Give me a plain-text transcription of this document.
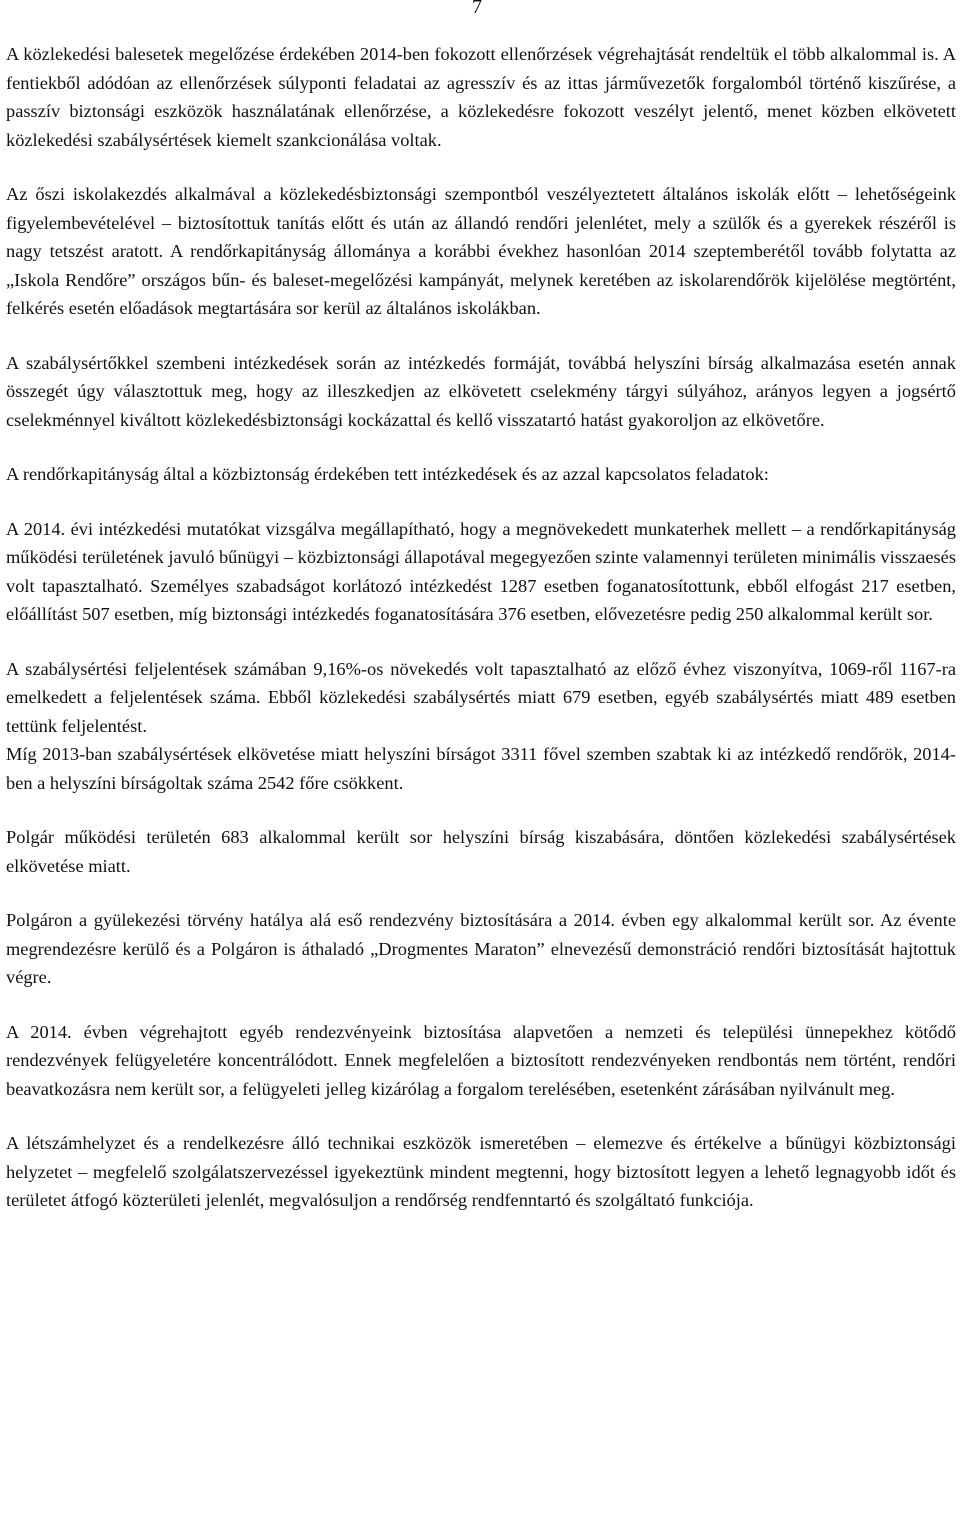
7

A közlekedési balesetek megelőzése érdekében 2014-ben fokozott ellenőrzések végrehajtását rendeltük el több alkalommal is. A fentiekből adódóan az ellenőrzések súlyponti feladatai az agresszív és az ittas járművezetők forgalomból történő kiszűrése, a passzív biztonsági eszközök használatának ellenőrzése, a közlekedésre fokozott veszélyt jelentő, menet közben elkövetett közlekedési szabálysértések kiemelt szankcionálása voltak.

Az őszi iskolakezdés alkalmával a közlekedésbiztonsági szempontból veszélyeztetett általános iskolák előtt – lehetőségeink figyelembevételével – biztosítottuk tanítás előtt és után az állandó rendőri jelenlétet, mely a szülők és a gyerekek részéről is nagy tetszést aratott. A rendőrkapitányság állománya a korábbi évekhez hasonlóan 2014 szeptemberétől tovább folytatta az „Iskola Rendőre” országos bűn- és baleset-megelőzési kampányát, melynek keretében az iskolarendőrök kijelölése megtörtént, felkérés esetén előadások megtartására sor kerül az általános iskolákban.

A szabálysértőkkel szembeni intézkedések során az intézkedés formáját, továbbá helyszíni bírság alkalmazása esetén annak összegét úgy választottuk meg, hogy az illeszkedjen az elkövetett cselekmény tárgyi súlyához, arányos legyen a jogsértő cselekménnyel kiváltott közlekedésbiztonsági kockázattal és kellő visszatartó hatást gyakoroljon az elkövetőre.

A rendőrkapitányság által a közbiztonság érdekében tett intézkedések és az azzal kapcsolatos feladatok:

A 2014. évi intézkedési mutatókat vizsgálva megállapítható, hogy a megnövekedett munkaterhek mellett – a rendőrkapitányság működési területének javuló bűnügyi – közbiztonsági állapotával megegyezően szinte valamennyi területen minimális visszaesés volt tapasztalható. Személyes szabadságot korlátozó intézkedést 1287 esetben foganatosítottunk, ebből elfogást 217 esetben, előállítást 507 esetben, míg biztonsági intézkedés foganatosítására 376 esetben, elővezetésre pedig 250 alkalommal került sor.

A szabálysértési feljelentések számában 9,16%-os növekedés volt tapasztalható az előző évhez viszonyítva, 1069-ről 1167-ra emelkedett a feljelentések száma. Ebből közlekedési szabálysértés miatt 679 esetben, egyéb szabálysértés miatt 489 esetben tettünk feljelentést.

Míg 2013-ban szabálysértések elkövetése miatt helyszíni bírságot 3311 fővel szemben szabtak ki az intézkedő rendőrök, 2014-ben a helyszíni bírságoltak száma 2542 főre csökkent.

Polgár működési területén 683 alkalommal került sor helyszíni bírság kiszabására, döntően közlekedési szabálysértések elkövetése miatt.

Polgáron a gyülekezési törvény hatálya alá eső rendezvény biztosítására a 2014. évben egy alkalommal került sor. Az évente megrendezésre kerülő és a Polgáron is áthaladó „Drogmentes Maraton” elnevezésű demonstráció rendőri biztosítását hajtottuk végre.

A 2014. évben végrehajtott egyéb rendezvényeink biztosítása alapvetően a nemzeti és települési ünnepekhez kötődő rendezvények felügyeletére koncentrálódott. Ennek megfelelően a biztosított rendezvényeken rendbontás nem történt, rendőri beavatkozásra nem került sor, a felügyeleti jelleg kizárólag a forgalom terelésében, esetenként zárásában nyilvánult meg.

A létszámhelyzet és a rendelkezésre álló technikai eszközök ismeretében – elemezve és értékelve a bűnügyi közbiztonsági helyzetet – megfelelő szolgálatszervezéssel igyekeztünk mindent megtenni, hogy biztosított legyen a lehető legnagyobb időt és területet átfogó közterületi jelenlét, megvalósuljon a rendőrség rendfenntartó és szolgáltató funkciója.
